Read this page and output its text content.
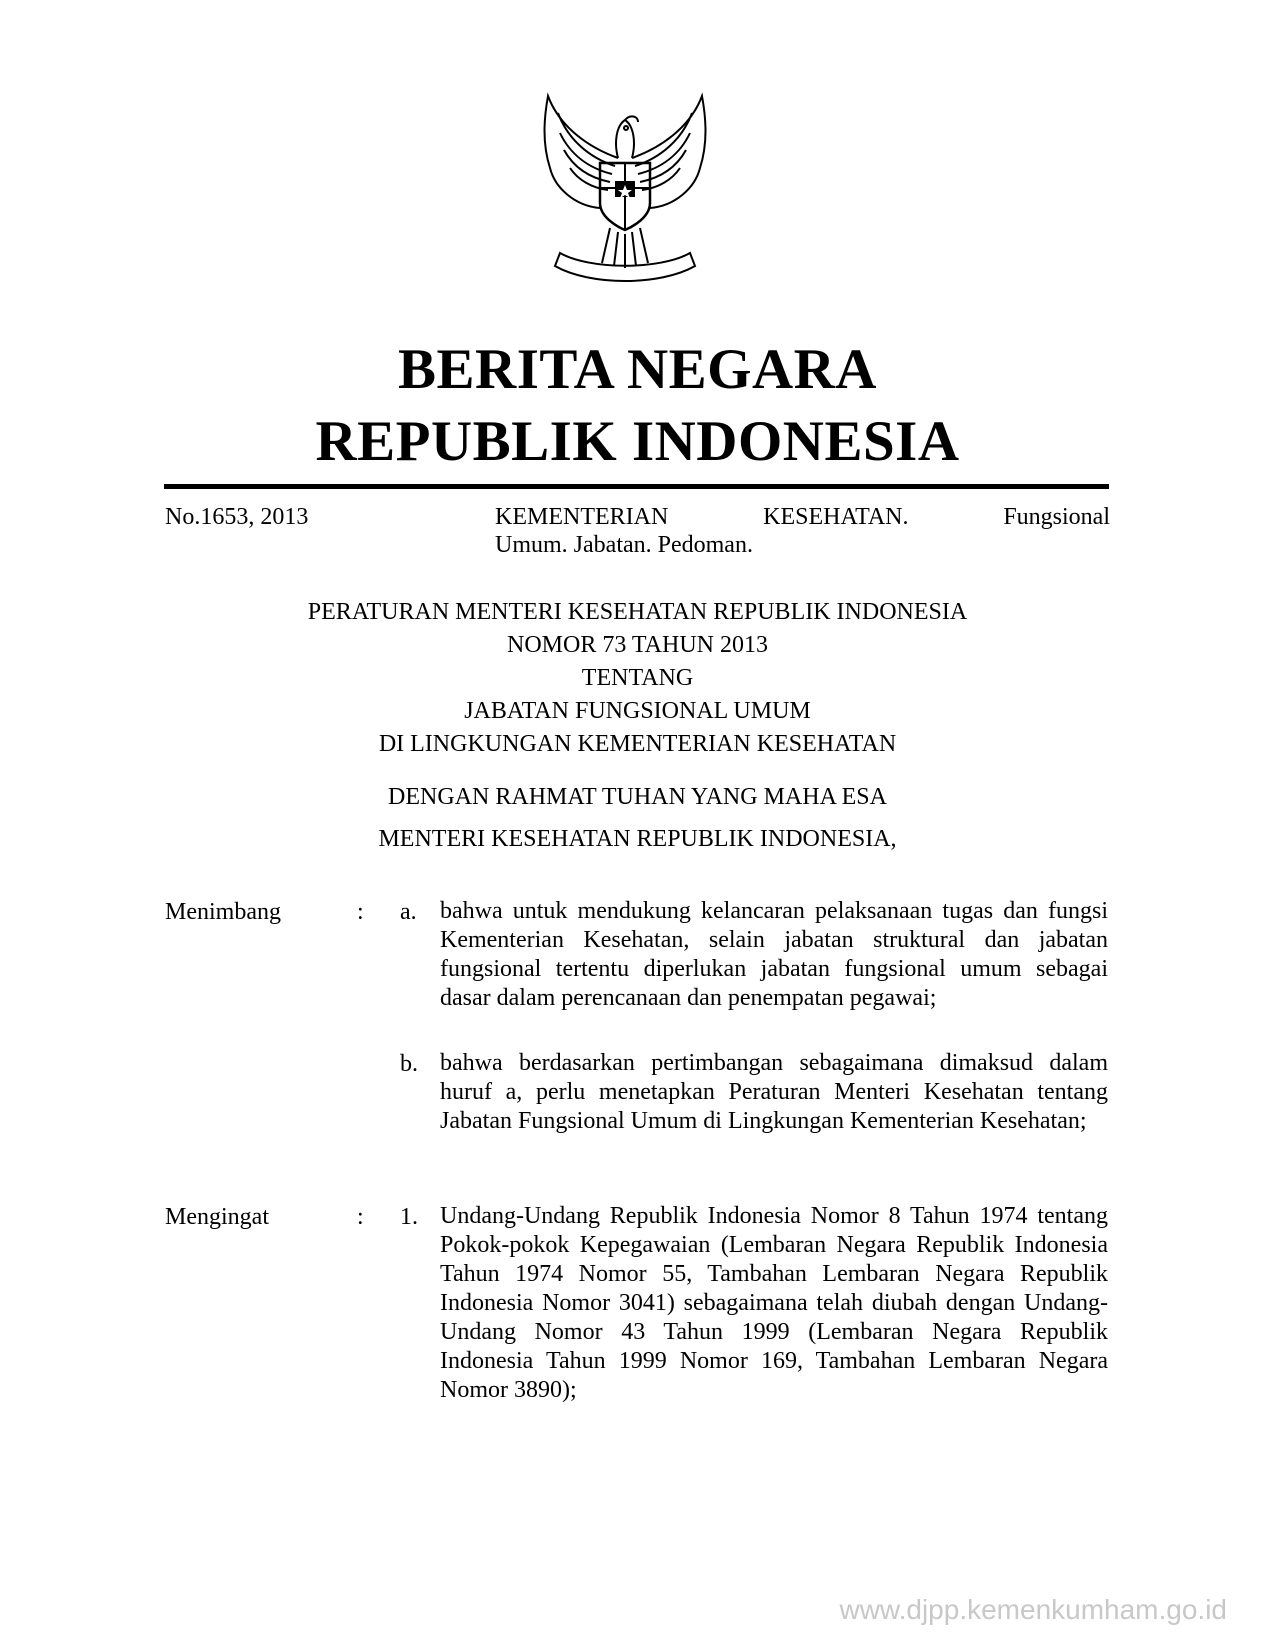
BERITA NEGARA
REPUBLIK INDONESIA
No.1653, 2013	KEMENTERIAN	KESEHATAN.	Fungsional
Umum. Jabatan. Pedoman.
PERATURAN MENTERI KESEHATAN REPUBLIK INDONESIA
NOMOR 73 TAHUN 2013
TENTANG
JABATAN FUNGSIONAL UMUM
DI LINGKUNGAN KEMENTERIAN KESEHATAN
DENGAN RAHMAT TUHAN YANG MAHA ESA
MENTERI KESEHATAN REPUBLIK INDONESIA,
Menimbang	: a. bahwa untuk mendukung kelancaran pelaksanaan tugas dan fungsi Kementerian Kesehatan, selain jabatan struktural dan jabatan fungsional tertentu diperlukan jabatan fungsional umum sebagai dasar dalam perencanaan dan penempatan pegawai;
b. bahwa berdasarkan pertimbangan sebagaimana dimaksud dalam huruf a, perlu menetapkan Peraturan Menteri Kesehatan tentang Jabatan Fungsional Umum di Lingkungan Kementerian Kesehatan;
Mengingat	: 1. Undang-Undang Republik Indonesia Nomor 8 Tahun 1974 tentang Pokok-pokok Kepegawaian (Lembaran Negara Republik Indonesia Tahun 1974 Nomor 55, Tambahan Lembaran Negara Republik Indonesia Nomor 3041) sebagaimana telah diubah dengan Undang-Undang Nomor 43 Tahun 1999 (Lembaran Negara Republik Indonesia Tahun 1999 Nomor 169, Tambahan Lembaran Negara Nomor 3890);
www.djpp.kemenkumham.go.id
